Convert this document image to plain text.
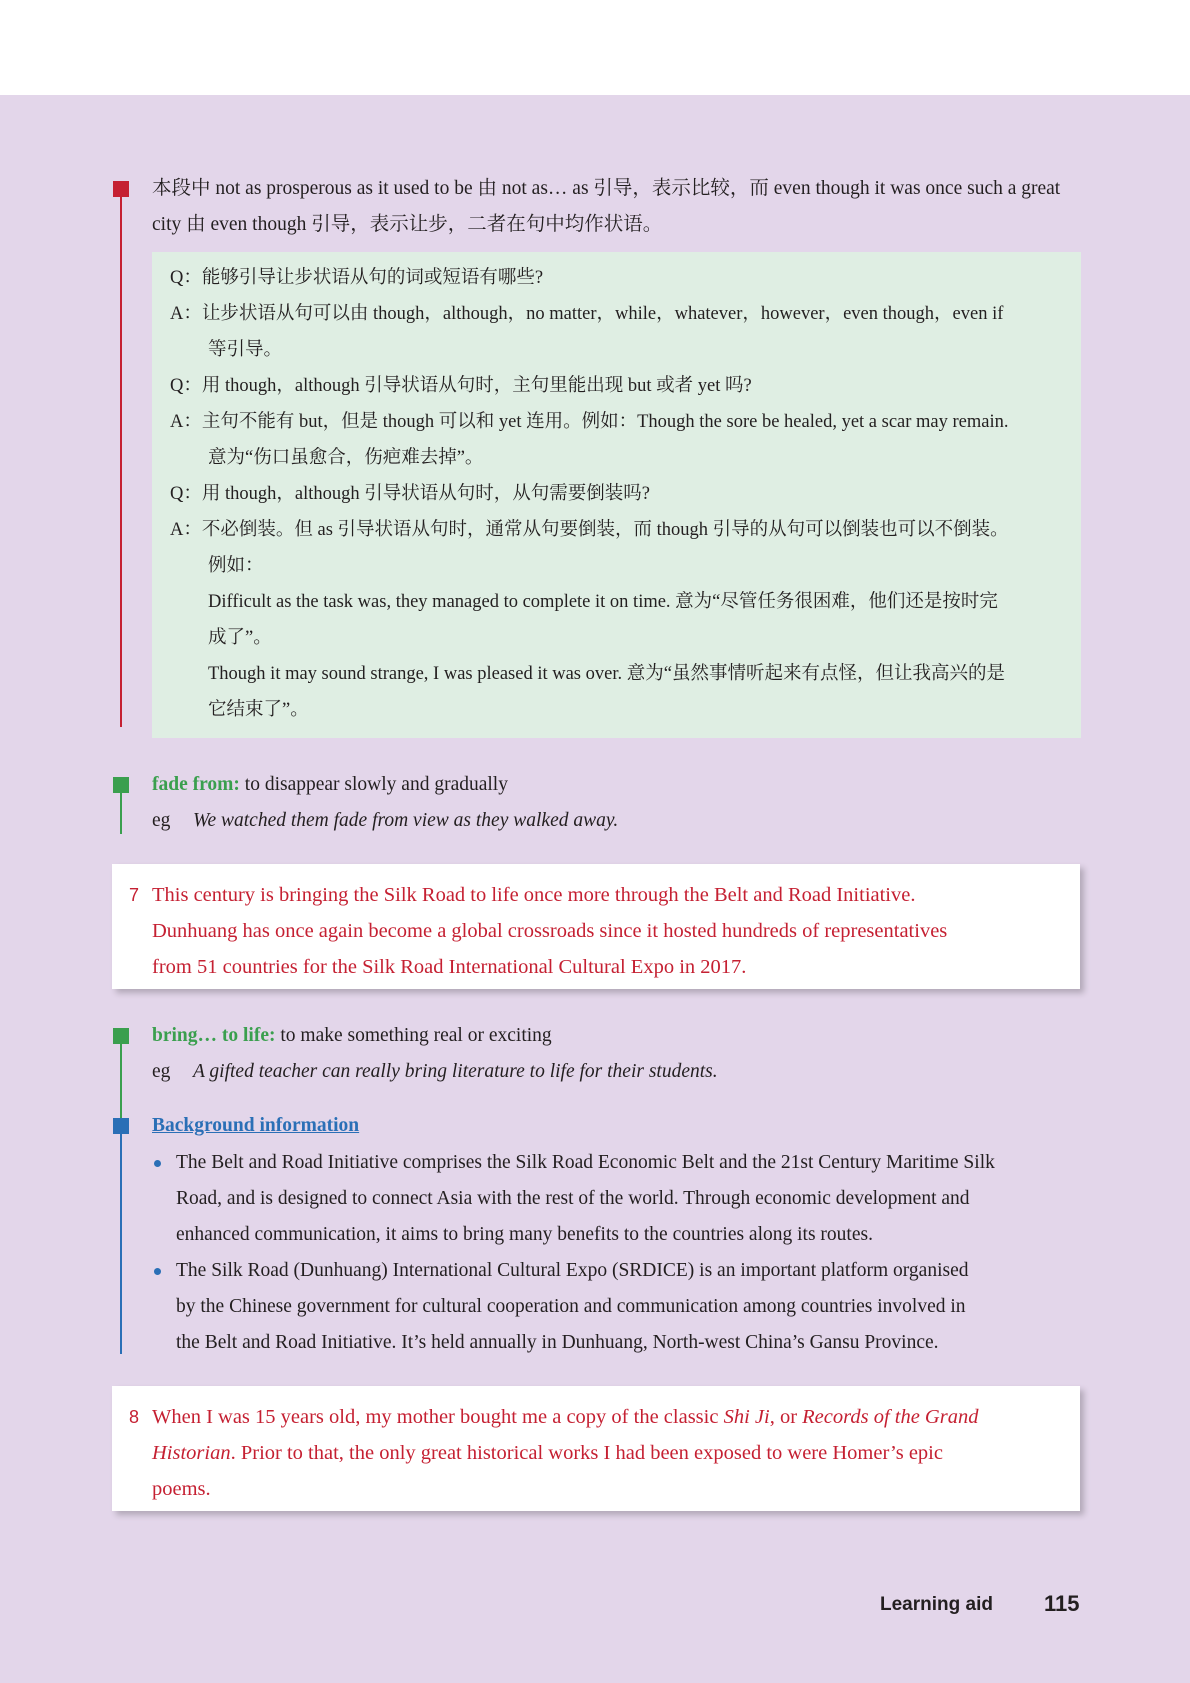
本段中 not as prosperous as it used to be 由 not as… as 引导，表示比较，而 even though it was once such a great
city 由 even though 引导，表示让步，二者在句中均作状语。
Q：能够引导让步状语从句的词或短语有哪些?
A：让步状语从句可以由 though，although，no matter，while，whatever，however，even though，even if
等引导。
Q：用 though，although 引导状语从句时，主句里能出现 but 或者 yet 吗?
A：主句不能有 but，但是 though 可以和 yet 连用。例如：Though the sore be healed, yet a scar may remain.
意为“伤口虽愈合，伤疤难去掉”。
Q：用 though，although 引导状语从句时，从句需要倒装吗?
A：不必倒装。但 as 引导状语从句时，通常从句要倒装，而 though 引导的从句可以倒装也可以不倒装。
例如：
Difficult as the task was, they managed to complete it on time. 意为“尽管任务很困难，他们还是按时完
成了”。
Though it may sound strange, I was pleased it was over. 意为“虽然事情听起来有点怪，但让我高兴的是
它结束了”。
fade from: to disappear slowly and gradually
eg We watched them fade from view as they walked away.
7 This century is bringing the Silk Road to life once more through the Belt and Road Initiative.
Dunhuang has once again become a global crossroads since it hosted hundreds of representatives
from 51 countries for the Silk Road International Cultural Expo in 2017.
bring… to life: to make something real or exciting
eg A gifted teacher can really bring literature to life for their students.
Background information
The Belt and Road Initiative comprises the Silk Road Economic Belt and the 21st Century Maritime Silk
Road, and is designed to connect Asia with the rest of the world. Through economic development and
enhanced communication, it aims to bring many benefits to the countries along its routes.
The Silk Road (Dunhuang) International Cultural Expo (SRDICE) is an important platform organised
by the Chinese government for cultural cooperation and communication among countries involved in
the Belt and Road Initiative. It’s held annually in Dunhuang, North-west China’s Gansu Province.
8 When I was 15 years old, my mother bought me a copy of the classic Shi Ji, or Records of the Grand
Historian. Prior to that, the only great historical works I had been exposed to were Homer’s epic
poems.
Learning aid 115
